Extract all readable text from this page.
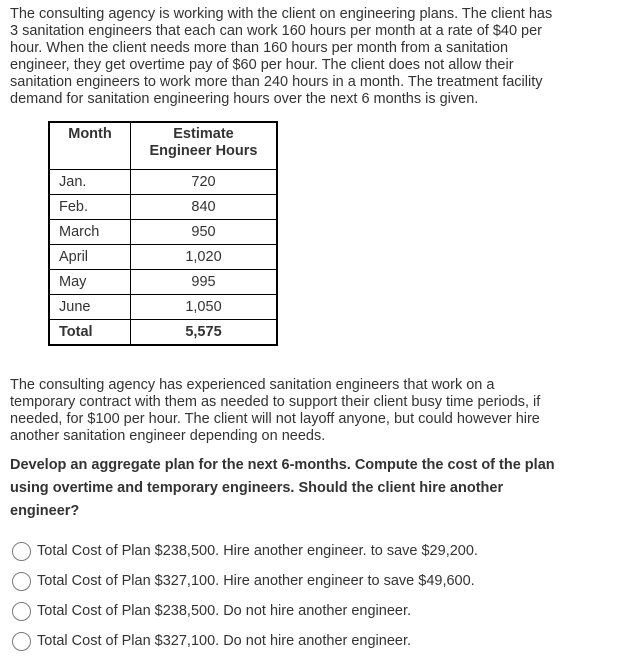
The consulting agency is working with the client on engineering plans. The client has
3 sanitation engineers that each can work 160 hours per month at a rate of $40 per
hour. When the client needs more than 160 hours per month from a sanitation
engineer, they get overtime pay of $60 per hour. The client does not allow their
sanitation engineers to work more than 240 hours in a month. The treatment facility
demand for sanitation engineering hours over the next 6 months is given.

Month	Estimate
Engineer Hours
Jan.	720
Feb.	840
March	950
April	1,020
May	995
June	1,050
Total	5,575

The consulting agency has experienced sanitation engineers that work on a
temporary contract with them as needed to support their client busy time periods, if
needed, for $100 per hour. The client will not layoff anyone, but could however hire
another sanitation engineer depending on needs.

Develop an aggregate plan for the next 6-months. Compute the cost of the plan
using overtime and temporary engineers. Should the client hire another
engineer?

Total Cost of Plan $238,500. Hire another engineer. to save $29,200.
Total Cost of Plan $327,100. Hire another engineer to save $49,600.
Total Cost of Plan $238,500. Do not hire another engineer.
Total Cost of Plan $327,100. Do not hire another engineer.
